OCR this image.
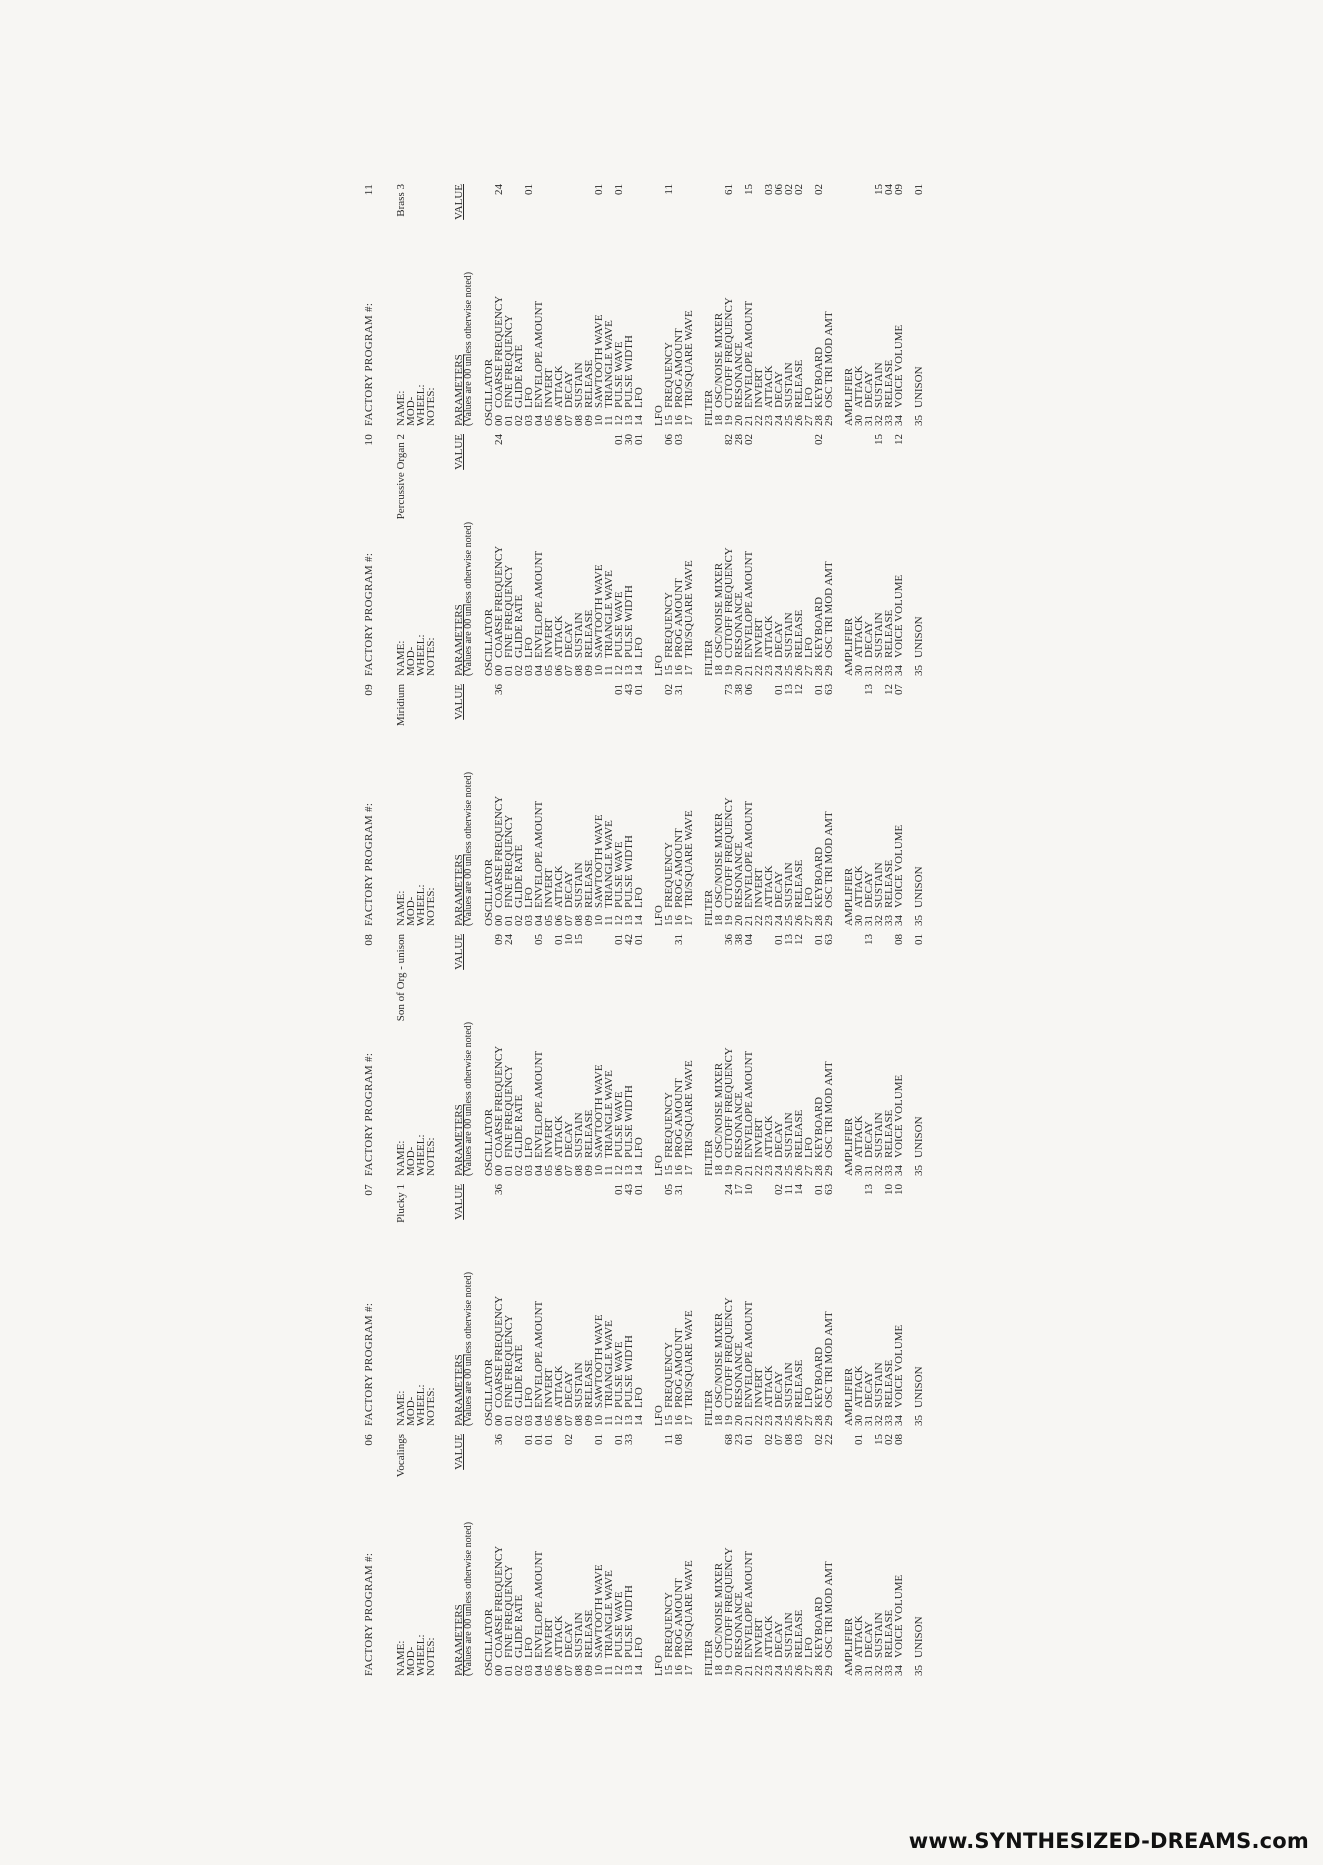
FACTORY PROGRAM #:
06
NAME:
Vocalings
MOD-WHEEL:
NOTES: PARAMETERS
VALUE
(Values are 00 unless otherwise noted) OSCILLATOR
00
COARSE FREQUENCY
36
01
FINE FREQUENCY
02
GLIDE RATE
03
LFO
01
04
ENVELOPE AMOUNT
01
05
INVERT
01
06
ATTACK
07
DECAY
02
08
SUSTAIN
09
RELEASE
10
SAWTOOTH WAVE
01
11
TRIANGLE WAVE
12
PULSE WAVE
01
13
PULSE WIDTH
33
14
LFO
LFO
15
FREQUENCY
11
16
PROG AMOUNT
08
17
TRI/SQUARE WAVE FILTER
18
OSC/NOISE MIXER
19
CUTOFF FREQUENCY
68
20
RESONANCE
23
21
ENVELOPE AMOUNT
01
22
INVERT
23
ATTACK
02
24
DECAY
07
25
SUSTAIN
08
26
RELEASE
03
27
LFO
28
KEYBOARD
02
29
OSC TRI MOD AMT
22
AMPLIFIER
30
ATTACK
01
31
DECAY
32
SUSTAIN
15
33
RELEASE
02
34
VOICE VOLUME
08
35
UNISON
FACTORY PROGRAM #:
07
NAME:
Plucky 1
MOD-WHEEL:
NOTES: PARAMETERS
VALUE
(Values are 00 unless otherwise noted) OSCILLATOR
00
COARSE FREQUENCY
36
01
FINE FREQUENCY
02
GLIDE RATE
03
LFO
04
ENVELOPE AMOUNT
05
INVERT
06
ATTACK
07
DECAY
08
SUSTAIN
09
RELEASE
10
SAWTOOTH WAVE
11
TRIANGLE WAVE
12
PULSE WAVE
01
13
PULSE WIDTH
43
14
LFO
01
LFO
15
FREQUENCY
05
16
PROG AMOUNT
31
17
TRI/SQUARE WAVE FILTER
18
OSC/NOISE MIXER
19
CUTOFF FREQUENCY
24
20
RESONANCE
17
21
ENVELOPE AMOUNT
10
22
INVERT
23
ATTACK
24
DECAY
02
25
SUSTAIN
11
26
RELEASE
14
27
LFO
28
KEYBOARD
01
29
OSC TRI MOD AMT
63
AMPLIFIER
30
ATTACK
31
DECAY
13
32
SUSTAIN
33
RELEASE
10
34
VOICE VOLUME
10
35
UNISON
FACTORY PROGRAM #:
08
NAME:
Son of Org - unison
MOD-WHEEL:
NOTES: PARAMETERS
VALUE
(Values are 00 unless otherwise noted) OSCILLATOR
00
COARSE FREQUENCY
09
01
FINE FREQUENCY
24
02
GLIDE RATE
03
LFO
04
ENVELOPE AMOUNT
05
05
INVERT
06
ATTACK
01
07
DECAY
10
08
SUSTAIN
15
09
RELEASE
10
SAWTOOTH WAVE
11
TRIANGLE WAVE
12
PULSE WAVE
01
13
PULSE WIDTH
42
14
LFO
01
LFO
15
FREQUENCY
16
PROG AMOUNT
31
17
TRI/SQUARE WAVE FILTER
18
OSC/NOISE MIXER
19
CUTOFF FREQUENCY
36
20
RESONANCE
38
21
ENVELOPE AMOUNT
04
22
INVERT
23
ATTACK
24
DECAY
01
25
SUSTAIN
13
26
RELEASE
12
27
LFO
28
KEYBOARD
01
29
OSC TRI MOD AMT
63
AMPLIFIER
30
ATTACK
31
DECAY
13
32
SUSTAIN
33
RELEASE
34
VOICE VOLUME
08
35
UNISON
01
FACTORY PROGRAM #:
09
NAME:
Miridium
MOD-WHEEL:
NOTES: PARAMETERS
VALUE
(Values are 00 unless otherwise noted) OSCILLATOR
00
COARSE FREQUENCY
36
01
FINE FREQUENCY
02
GLIDE RATE
03
LFO
04
ENVELOPE AMOUNT
05
INVERT
06
ATTACK
07
DECAY
08
SUSTAIN
09
RELEASE
10
SAWTOOTH WAVE
11
TRIANGLE WAVE
12
PULSE WAVE
01
13
PULSE WIDTH
43
14
LFO
01
LFO
15
FREQUENCY
02
16
PROG AMOUNT
31
17
TRI/SQUARE WAVE FILTER
18
OSC/NOISE MIXER
19
CUTOFF FREQUENCY
73
20
RESONANCE
38
21
ENVELOPE AMOUNT
06
22
INVERT
23
ATTACK
24
DECAY
01
25
SUSTAIN
13
26
RELEASE
12
27
LFO
28
KEYBOARD
01
29
OSC TRI MOD AMT
63
AMPLIFIER
30
ATTACK
31
DECAY
13
32
SUSTAIN
33
RELEASE
12
34
VOICE VOLUME
07
35
UNISON
FACTORY PROGRAM #:
10
NAME:
Percussive Organ 2
MOD-WHEEL:
NOTES: PARAMETERS
VALUE
(Values are 00 unless otherwise noted) OSCILLATOR
00
COARSE FREQUENCY
24
01
FINE FREQUENCY
02
GLIDE RATE
03
LFO
04
ENVELOPE AMOUNT
05
INVERT
06
ATTACK
07
DECAY
08
SUSTAIN
09
RELEASE
10
SAWTOOTH WAVE
11
TRIANGLE WAVE
12
PULSE WAVE
01
13
PULSE WIDTH
30
14
LFO
01
LFO
15
FREQUENCY
06
16
PROG AMOUNT
03
17
TRI/SQUARE WAVE FILTER
18
OSC/NOISE MIXER
19
CUTOFF FREQUENCY
82
20
RESONANCE
28
21
ENVELOPE AMOUNT
02
22
INVERT
23
ATTACK
24
DECAY
25
SUSTAIN
26
RELEASE
27
LFO
28
KEYBOARD
02
29
OSC TRI MOD AMT AMPLIFIER
30
ATTACK
31
DECAY
32
SUSTAIN
15
33
RELEASE
34
VOICE VOLUME
12
35
UNISON
FACTORY PROGRAM #:
11
NAME:
Brass 3
MOD-WHEEL:
NOTES: PARAMETERS
VALUE
(Values are 00 unless otherwise noted) OSCILLATOR
00
COARSE FREQUENCY
24
01
FINE FREQUENCY
02
GLIDE RATE
03
LFO
01
04
ENVELOPE AMOUNT
05
INVERT
06
ATTACK
07
DECAY
08
SUSTAIN
09
RELEASE
10
SAWTOOTH WAVE
01
11
TRIANGLE WAVE
12
PULSE WAVE
01
13
PULSE WIDTH
14
LFO
LFO
15
FREQUENCY
11
16
PROG AMOUNT
17
TRI/SQUARE WAVE FILTER
18
OSC/NOISE MIXER
19
CUTOFF FREQUENCY
61
20
RESONANCE
21
ENVELOPE AMOUNT
15
22
INVERT
23
ATTACK
03
24
DECAY
06
25
SUSTAIN
02
26
RELEASE
02
27
LFO
28
KEYBOARD
02
29
OSC TRI MOD AMT AMPLIFIER
30
ATTACK
31
DECAY
32
SUSTAIN
15
33
RELEASE
04
34
VOICE VOLUME
09
35
UNISON
01
www.SYNTHESIZED-DREAMS.com
